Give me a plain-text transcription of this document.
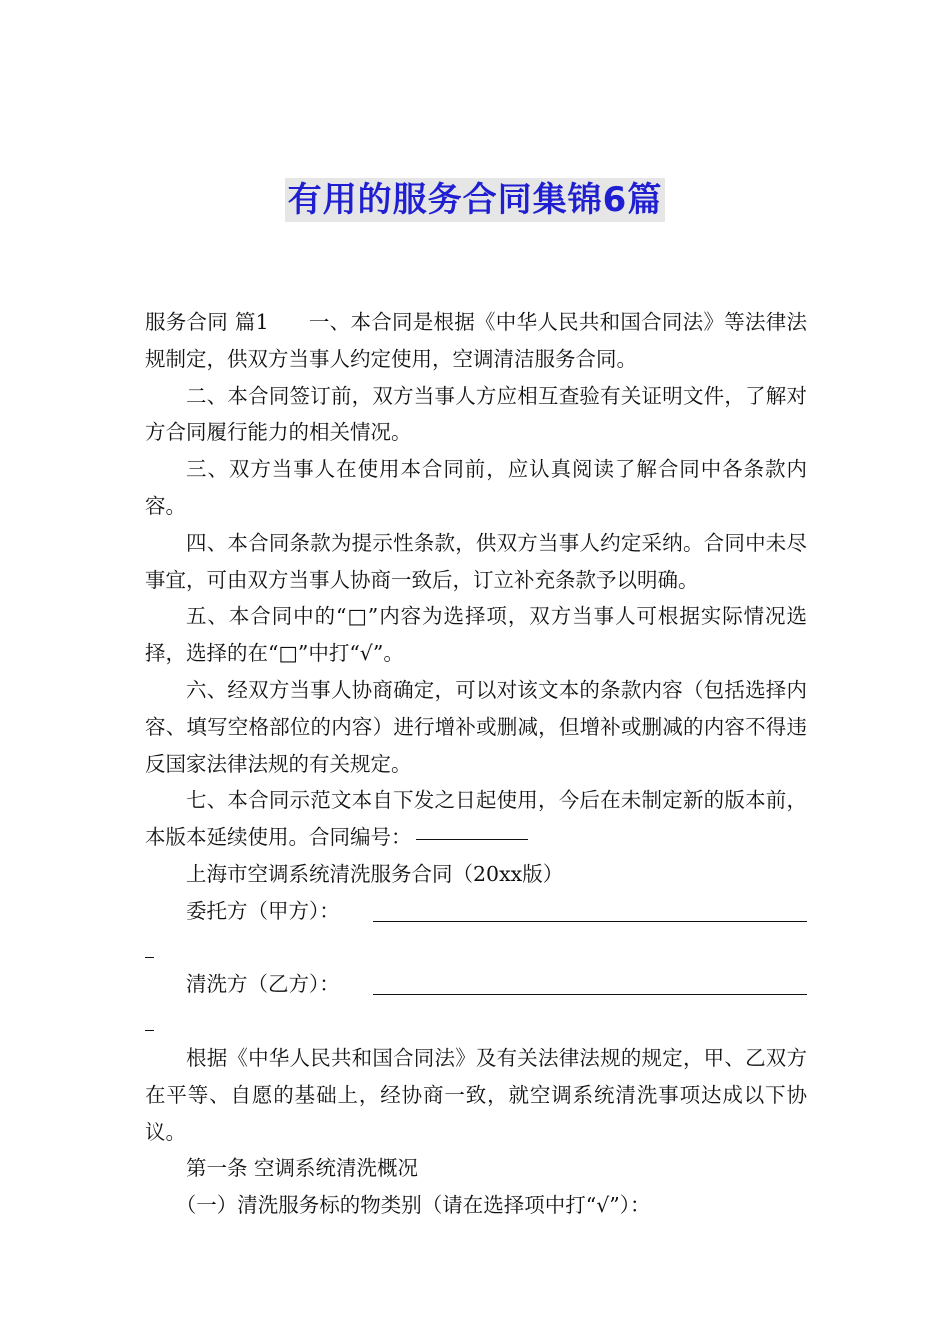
有用的服务合同集锦6篇

服务合同 篇1 一、本合同是根据《中华人民共和国合同法》等法律法规制定，供双方当事人约定使用，空调清洁服务合同。

二、本合同签订前，双方当事人方应相互查验有关证明文件，了解对方合同履行能力的相关情况。

三、双方当事人在使用本合同前，应认真阅读了解合同中各条款内容。

四、本合同条款为提示性条款，供双方当事人约定采纳。合同中未尽事宜，可由双方当事人协商一致后，订立补充条款予以明确。

五、本合同中的“□”内容为选择项，双方当事人可根据实际情况选择，选择的在“□”中打“√”。

六、经双方当事人协商确定，可以对该文本的条款内容（包括选择内容、填写空格部位的内容）进行增补或删减，但增补或删减的内容不得违反国家法律法规的有关规定。

七、本合同示范文本自下发之日起使用，今后在未制定新的版本前，本版本延续使用。合同编号：

上海市空调系统清洗服务合同（20xx版）

委托方（甲方）：
清洗方（乙方）：

根据《中华人民共和国合同法》及有关法律法规的规定，甲、乙双方在平等、自愿的基础上，经协商一致，就空调系统清洗事项达成以下协议。

第一条 空调系统清洗概况

（一）清洗服务标的物类别（请在选择项中打“√”）：
